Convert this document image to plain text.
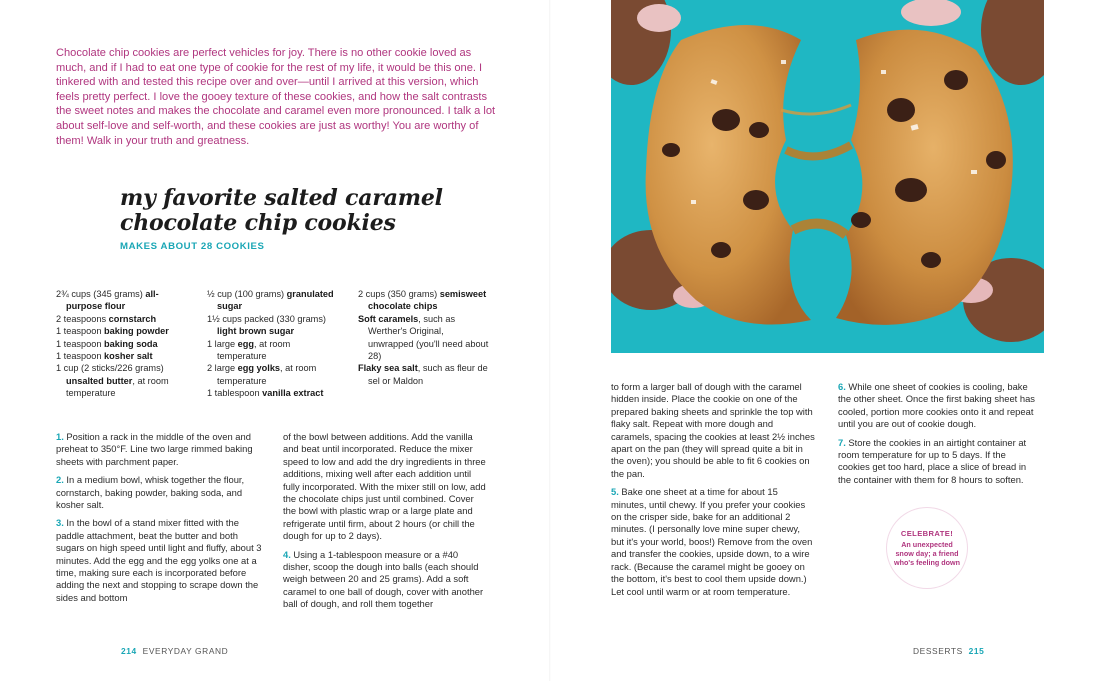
Chocolate chip cookies are perfect vehicles for joy. There is no other cookie loved as much, and if I had to eat one type of cookie for the rest of my life, it would be this one. I tinkered with and tested this recipe over and over—until I arrived at this version, which feels pretty perfect. I love the gooey texture of these cookies, and how the salt contrasts the sweet notes and makes the chocolate and caramel even more pronounced. I talk a lot about self-love and self-worth, and these cookies are just as worthy! You are worthy of them! Walk in your truth and greatness.
my favorite salted caramel chocolate chip cookies
MAKES ABOUT 28 COOKIES

2¾ cups (345 grams) all-purpose flour

2 teaspoons cornstarch

1 teaspoon baking powder

1 teaspoon baking soda

1 teaspoon kosher salt

1 cup (2 sticks/226 grams) unsalted butter, at room temperature

½ cup (100 grams) granulated sugar

1½ cups packed (330 grams) light brown sugar

1 large egg, at room temperature

2 large egg yolks, at room temperature

1 tablespoon vanilla extract

2 cups (350 grams) semisweet chocolate chips

Soft caramels, such as Werther's Original, unwrapped (you'll need about 28)

Flaky sea salt, such as fleur de sel or Maldon

1. Position a rack in the middle of the oven and preheat to 350°F. Line two large rimmed baking sheets with parchment paper.

2. In a medium bowl, whisk together the flour, cornstarch, baking powder, baking soda, and kosher salt.

3. In the bowl of a stand mixer fitted with the paddle attachment, beat the butter and both sugars on high speed until light and fluffy, about 3 minutes. Add the egg and the egg yolks one at a time, making sure each is incorporated before adding the next and stopping to scrape down the sides and bottom

of the bowl between additions. Add the vanilla and beat until incorporated. Reduce the mixer speed to low and add the dry ingredients in three additions, mixing well after each addition until fully incorporated. With the mixer still on low, add the chocolate chips just until combined. Cover the bowl with plastic wrap or a large plate and refrigerate until firm, about 2 hours (or chill the dough for up to 2 days).

4. Using a 1-tablespoon measure or a #40 disher, scoop the dough into balls (each should weigh between 20 and 25 grams). Add a soft caramel to one ball of dough, cover with another ball of dough, and roll them together

214 EVERYDAY GRAND

to form a larger ball of dough with the caramel hidden inside. Place the cookie on one of the prepared baking sheets and sprinkle the top with flaky salt. Repeat with more dough and caramels, spacing the cookies at least 2½ inches apart on the pan (they will spread quite a bit in the oven); you should be able to fit 6 cookies on the pan.

5. Bake one sheet at a time for about 15 minutes, until chewy. If you prefer your cookies on the crisper side, bake for an additional 2 minutes. (I personally love mine super chewy, but it's your world, boos!) Remove from the oven and transfer the cookies, upside down, to a wire rack. (Because the caramel might be gooey on the bottom, it's best to cool them upside down.) Let cool until warm or at room temperature.

6. While one sheet of cookies is cooling, bake the other sheet. Once the first baking sheet has cooled, portion more cookies onto it and repeat until you are out of cookie dough.

7. Store the cookies in an airtight container at room temperature for up to 5 days. If the cookies get too hard, place a slice of bread in the container with them for 8 hours to soften.

CELEBRATE!
An unexpected snow day; a friend who's feeling down
DESSERTS 215
